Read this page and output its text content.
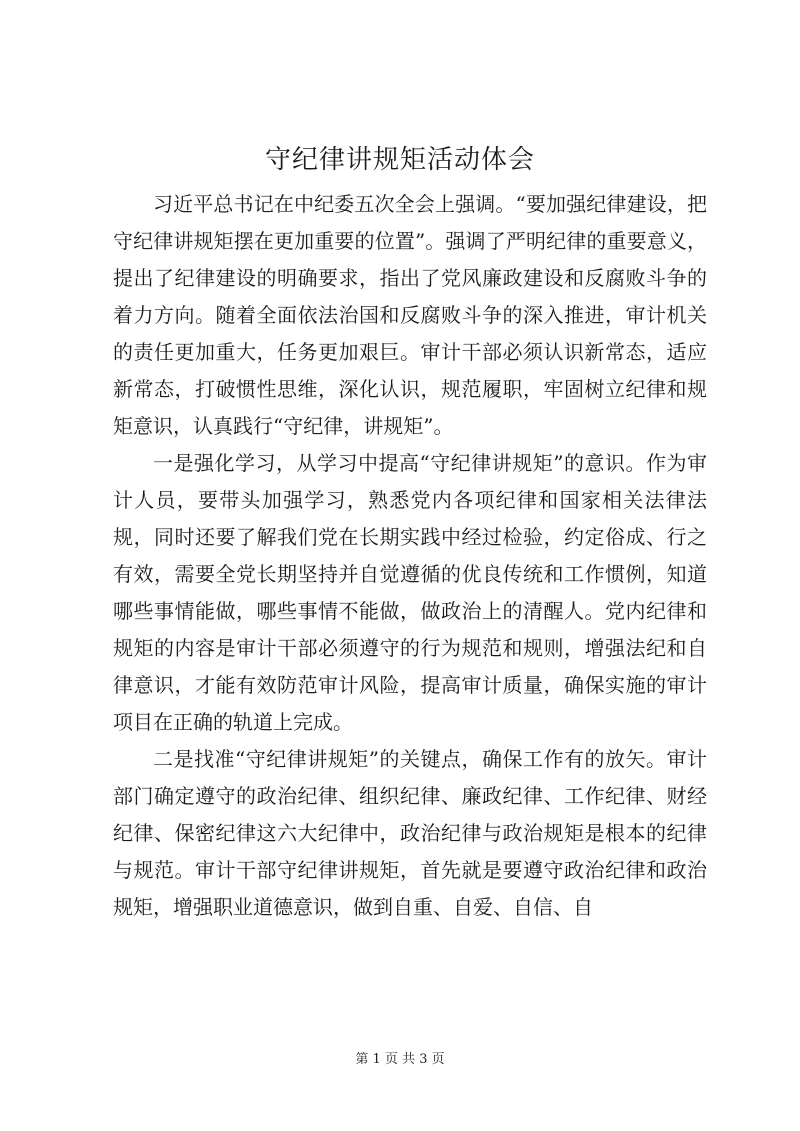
守纪律讲规矩活动体会

习近平总书记在中纪委五次全会上强调。“要加强纪律建设，把守纪律讲规矩摆在更加重要的位置”。强调了严明纪律的重要意义，提出了纪律建设的明确要求，指出了党风廉政建设和反腐败斗争的着力方向。随着全面依法治国和反腐败斗争的深入推进，审计机关的责任更加重大，任务更加艰巨。审计干部必须认识新常态，适应新常态，打破惯性思维，深化认识，规范履职，牢固树立纪律和规矩意识，认真践行“守纪律，讲规矩”。

一是强化学习，从学习中提高“守纪律讲规矩”的意识。作为审计人员，要带头加强学习，熟悉党内各项纪律和国家相关法律法规，同时还要了解我们党在长期实践中经过检验，约定俗成、行之有效，需要全党长期坚持并自觉遵循的优良传统和工作惯例，知道哪些事情能做，哪些事情不能做，做政治上的清醒人。党内纪律和规矩的内容是审计干部必须遵守的行为规范和规则，增强法纪和自律意识，才能有效防范审计风险，提高审计质量，确保实施的审计项目在正确的轨道上完成。

二是找准“守纪律讲规矩”的关键点，确保工作有的放矢。审计部门确定遵守的政治纪律、组织纪律、廉政纪律、工作纪律、财经纪律、保密纪律这六大纪律中，政治纪律与政治规矩是根本的纪律与规范。审计干部守纪律讲规矩，首先就是要遵守政治纪律和政治规矩，增强职业道德意识，做到自重、自爱、自信、自

第 1 页 共 3 页
